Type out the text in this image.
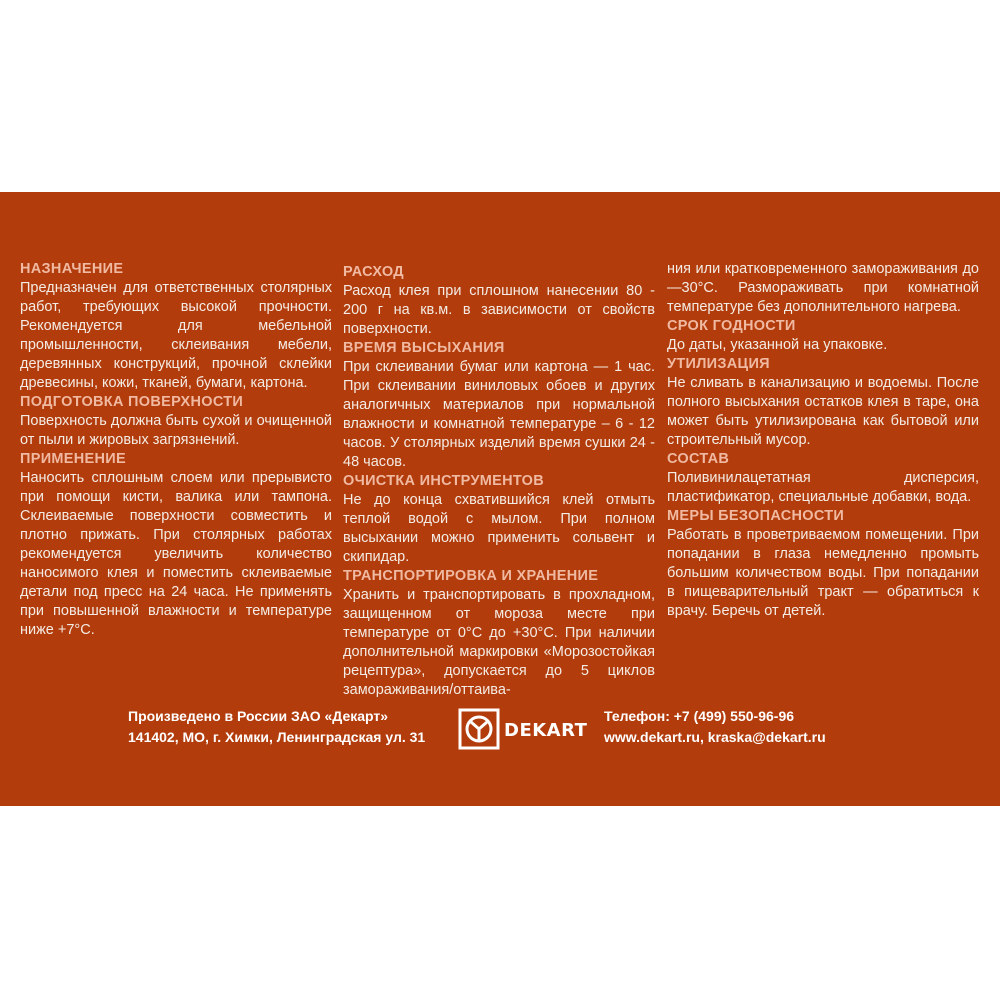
НАЗНАЧЕНИЕ

Предназначен для ответственных столярных работ, требующих высокой прочности. Рекомендуется для мебельной промышленности, склеивания мебели, деревянных конструкций, прочной склейки древесины, кожи, тканей, бумаги, картона.

ПОДГОТОВКА ПОВЕРХНОСТИ

Поверхность должна быть сухой и очищенной от пыли и жировых загрязнений.

ПРИМЕНЕНИЕ

Наносить сплошным слоем или прерывисто при помощи кисти, валика или тампона. Склеиваемые поверхности совместить и плотно прижать. При столярных работах рекомендуется увеличить количество наносимого клея и поместить склеиваемые детали под пресс на 24 часа. Не применять при повышенной влажности и температуре ниже +7°C.

РАСХОД

Расход клея при сплошном нанесении 80 - 200 г на кв.м. в зависимости от свойств поверхности.

ВРЕМЯ ВЫСЫХАНИЯ

При склеивании бумаг или картона — 1 час. При склеивании виниловых обоев и других аналогичных материалов при нормальной влажности и комнатной температуре – 6 - 12 часов. У столярных изделий время сушки 24 - 48 часов.

ОЧИСТКА ИНСТРУМЕНТОВ

Не до конца схватившийся клей отмыть теплой водой с мылом. При полном высыхании можно применить сольвент и скипидар.

ТРАНСПОРТИРОВКА И ХРАНЕНИЕ

Хранить и транспортировать в прохладном, защищенном от мороза месте при температуре от 0°C до +30°C. При наличии дополнительной маркировки «Морозостойкая рецептура», допускается до 5 циклов замораживания/оттаива-

ния или кратковременного замораживания до —30°C. Размораживать при комнатной температуре без дополнительного нагрева.

СРОК ГОДНОСТИ

До даты, указанной на упаковке.

УТИЛИЗАЦИЯ

Не сливать в канализацию и водоемы. После полного высыхания остатков клея в таре, она может быть утилизирована как бытовой или строительный мусор.

СОСТАВ

Поливинилацетатная дисперсия, пластификатор, специальные добавки, вода.

МЕРЫ БЕЗОПАСНОСТИ

Работать в проветриваемом помещении. При попадании в глаза немедленно промыть большим количеством воды. При попадании в пищеварительный тракт — обратиться к врачу. Беречь от детей.

Произведено в России ЗАО «Декарт»
141402, МО, г. Химки, Ленинградская ул. 31	DEKART
Телефон: +7 (499) 550-96-96
www.dekart.ru, kraska@dekart.ru
